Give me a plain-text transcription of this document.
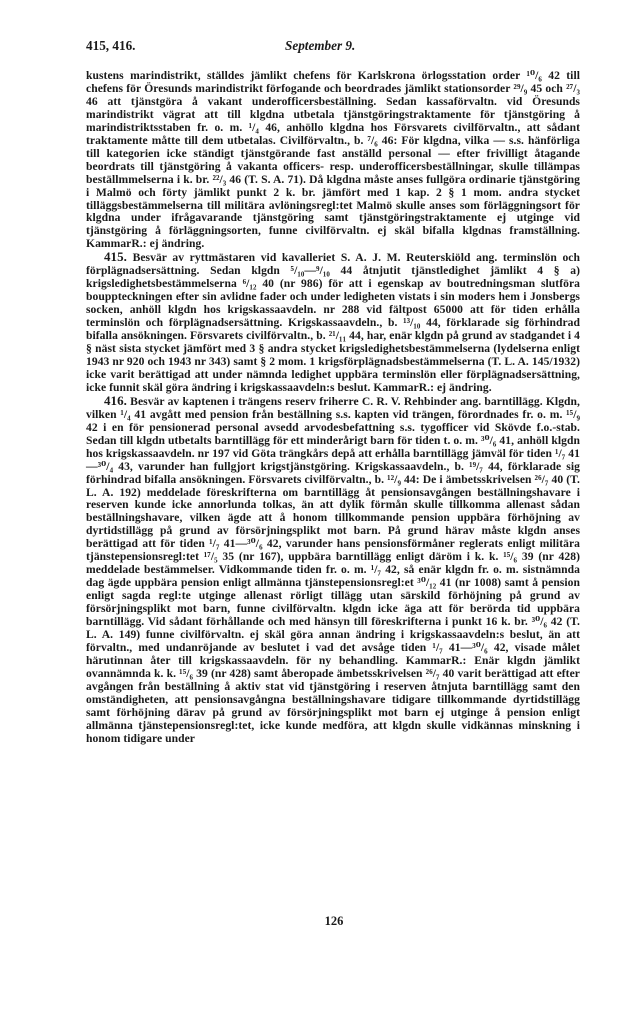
415, 416.	September 9.

kustens marindistrikt, ställdes jämlikt chefens för Karlskrona örlogsstation order ¹⁰/₆ 42 till chefens för Öresunds marindistrikt förfogande och beordrades jämlikt stationsorder ²⁹/₉ 45 och ²⁷/₃ 46 att tjänstgöra å vakant underofficersbeställning. Sedan kassaförvaltn. vid Öresunds marindistrikt vägrat att till klgdna utbetala tjänstgöringstraktamente för tjänstgöring å marindistriktsstaben fr. o. m. ¹/₄ 46, anhöllo klgdna hos Försvarets civilförvaltn., att sådant traktamente måtte till dem utbetalas. Civilförvaltn., b. ⁷/₆ 46: För klgdna, vilka — s.s. hänförliga till kategorien icke ständigt tjänstgörande fast anställd personal — efter frivilligt åtagande beordrats till tjänstgöring å vakanta officers- resp. underofficersbeställningar, skulle tillämpas beställmmelserna i k. br. ²²/₃ 46 (T. S. A. 71). Då klgdna måste anses fullgöra ordinarie tjänstgöring i Malmö och förty jämlikt punkt 2 k. br. jämfört med 1 kap. 2 § 1 mom. andra stycket tilläggsbestämmelserna till militära avlöningsregl:tet Malmö skulle anses som förläggningsort för klgdna under ifrågavarande tjänstgöring samt tjänstgöringstraktamente ej utginge vid tjänstgöring å förläggningsorten, funne civilförvaltn. ej skäl bifalla klgdnas framställning. KammarR.: ej ändring.

415. Besvär av ryttmästaren vid kavalleriet S. A. J. M. Reuterskiöld ang. terminslön och förplägnadsersättning. Sedan klgdn ⁵/₁₀—⁹/₁₀ 44 åtnjutit tjänstledighet jämlikt 4 § a) krigsledighetsbestämmelserna ⁶/₁₂ 40 (nr 986) för att i egenskap av boutredningsman slutföra bouppteckningen efter sin avlidne fader och under ledigheten vistats i sin moders hem i Jonsbergs socken, anhöll klgdn hos krigskassaavdeln. nr 288 vid fältpost 65000 att för tiden erhålla terminslön och förplägnadsersättning. Krigskassaavdeln., b. ¹³/₁₀ 44, förklarade sig förhindrad bifalla ansökningen. Försvarets civilförvaltn., b. ²¹/₁₁ 44, har, enär klgdn på grund av stadgandet i 4 § näst sista stycket jämfört med 3 § andra stycket krigsledighetsbestämmelserna (lydelserna enligt 1943 nr 920 och 1943 nr 343) samt § 2 mom. 1 krigsförplägnadsbestämmelserna (T. L. A. 145/1932) icke varit berättigad att under nämnda ledighet uppbära terminslön eller förplägnadsersättning, icke funnit skäl göra ändring i krigskassaavdeln:s beslut. KammarR.: ej ändring.

416. Besvär av kaptenen i trängens reserv friherre C. R. V. Rehbinder ang. barntillägg. Klgdn, vilken ¹/₄ 41 avgått med pension från beställning s.s. kapten vid trängen, förordnades fr. o. m. ¹⁵/₉ 42 i en för pensionerad personal avsedd arvodesbefattning s.s. tygofficer vid Skövde f.o.-stab. Sedan till klgdn utbetalts barntillägg för ett minderårigt barn för tiden t. o. m. ³⁰/₆ 41, anhöll klgdn hos krigskassaavdeln. nr 197 vid Göta trängkårs depå att erhålla barntillägg jämväl för tiden ¹/₇ 41—³⁰/₄ 43, varunder han fullgjort krigstjänstgöring. Krigskassaavdeln., b. ¹⁹/₇ 44, förklarade sig förhindrad bifalla ansökningen. Försvarets civilförvaltn., b. ¹²/₉ 44: De i ämbetsskrivelsen ²⁶/₇ 40 (T. L. A. 192) meddelade föreskrifterna om barntillägg åt pensionsavgången beställningshavare i reserven kunde icke annorlunda tolkas, än att dylik förmån skulle tillkomma allenast sådan beställningshavare, vilken ägde att å honom tillkommande pension uppbära förhöjning av dyrtidstillägg på grund av försörjningsplikt mot barn. På grund härav måste klgdn anses berättigad att för tiden ¹/₇ 41—³⁰/₆ 42, varunder hans pensionsförmåner reglerats enligt militära tjänstepensionsregl:tet ¹⁷/₅ 35 (nr 167), uppbära barntillägg enligt däröm i k. k. ¹⁵/₆ 39 (nr 428) meddelade bestämmelser. Vidkommande tiden fr. o. m. ¹/₇ 42, så enär klgdn fr. o. m. sistnämnda dag ägde uppbära pension enligt allmänna tjänstepensionsregl:et ³⁰/₁₂ 41 (nr 1008) samt å pension enligt sagda regl:te utginge allenast rörligt tillägg utan särskild förhöjning på grund av försörjningsplikt mot barn, funne civilförvaltn. klgdn icke äga att för berörda tid uppbära barntillägg. Vid sådant förhållande och med hänsyn till föreskrifterna i punkt 16 k. br. ³⁰/₆ 42 (T. L. A. 149) funne civilförvaltn. ej skäl göra annan ändring i krigskassaavdeln:s beslut, än att förvaltn., med undanröjande av beslutet i vad det avsåge tiden ¹/₇ 41—³⁰/₆ 42, visade målet härutinnan åter till krigskassaavdeln. för ny behandling. KammarR.: Enär klgdn jämlikt ovannämnda k. k. ¹⁵/₆ 39 (nr 428) samt åberopade ämbetsskrivelsen ²⁶/₇ 40 varit berättigad att efter avgången från beställning å aktiv stat vid tjänstgöring i reserven åtnjuta barntillägg samt den omständigheten, att pensionsavgångna beställningshavare tidigare tillkommande dyrtidstillägg samt förhöjning därav på grund av försörjningsplikt mot barn ej utginge å pension enligt allmänna tjänstepensionsregl:tet, icke kunde medföra, att klgdn skulle vidkännas minskning i honom tidigare under

126
